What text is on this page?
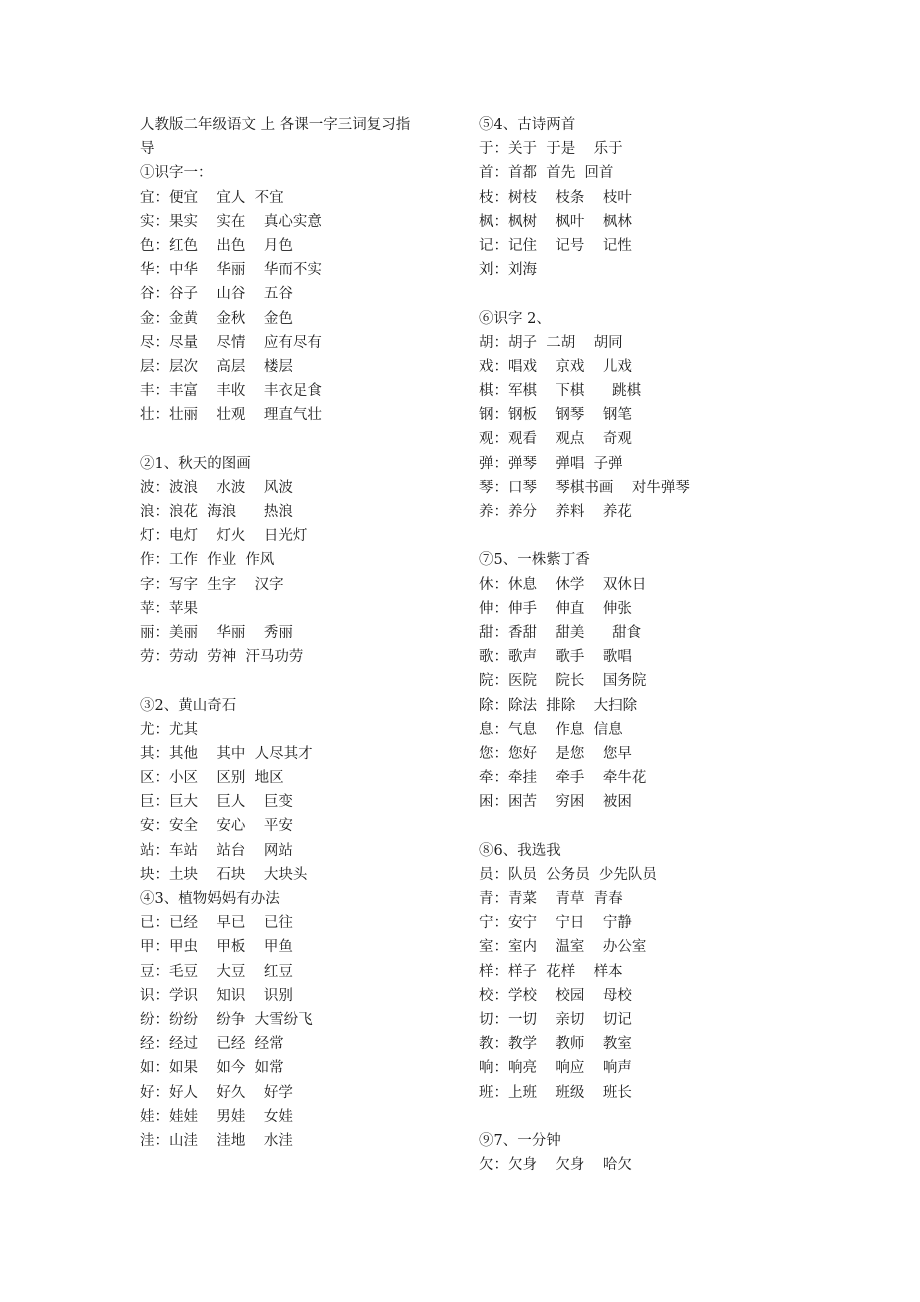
人教版二年级语文 上 各课一字三词复习指
导
①识字一：
宜：便宜    宜人  不宜
实：果实    实在    真心实意
色：红色    出色    月色
华：中华    华丽    华而不实
谷：谷子    山谷    五谷
金：金黄    金秋    金色
尽：尽量    尽情    应有尽有
层：层次    高层    楼层
丰：丰富    丰收    丰衣足食
壮：壮丽    壮观    理直气壮
②1、秋天的图画
波：波浪    水波    风波
浪：浪花  海浪      热浪
灯：电灯    灯火    日光灯
作：工作  作业  作风
字：写字  生字    汉字
苹：苹果
丽：美丽    华丽    秀丽
劳：劳动  劳神  汗马功劳
③2、黄山奇石
尤：尤其
其：其他    其中  人尽其才
区：小区    区别  地区
巨：巨大    巨人    巨变
安：安全    安心    平安
站：车站    站台    网站
块：土块    石块    大块头
④3、植物妈妈有办法
已：已经    早已    已往
甲：甲虫    甲板    甲鱼
豆：毛豆    大豆    红豆
识：学识    知识    识别
纷：纷纷    纷争  大雪纷飞
经：经过    已经  经常
如：如果    如今  如常
好：好人    好久    好学
娃：娃娃    男娃    女娃
洼：山洼    洼地    水洼
⑤4、古诗两首
于：关于  于是    乐于
首：首都  首先  回首
枝：树枝    枝条    枝叶
枫：枫树    枫叶    枫林
记：记住    记号    记性
刘：刘海
⑥识字 2、
胡：胡子  二胡    胡同
戏：唱戏    京戏    儿戏
棋：军棋    下棋      跳棋
钢：钢板    钢琴    钢笔
观：观看    观点    奇观
弹：弹琴    弹唱  子弹
琴：口琴    琴棋书画    对牛弹琴
养：养分    养料    养花
⑦5、一株紫丁香
休：休息    休学    双休日
伸：伸手    伸直    伸张
甜：香甜    甜美      甜食
歌：歌声    歌手    歌唱
院：医院    院长    国务院
除：除法  排除    大扫除
息：气息    作息  信息
您：您好    是您    您早
牵：牵挂    牵手    牵牛花
困：困苦    穷困    被困
⑧6、我选我
员：队员  公务员  少先队员
青：青菜    青草  青春
宁：安宁    宁日    宁静
室：室内    温室    办公室
样：样子  花样    样本
校：学校    校园    母校
切：一切    亲切    切记
教：教学    教师    教室
响：响亮    响应    响声
班：上班    班级    班长
⑨7、一分钟
欠：欠身    欠身    哈欠
